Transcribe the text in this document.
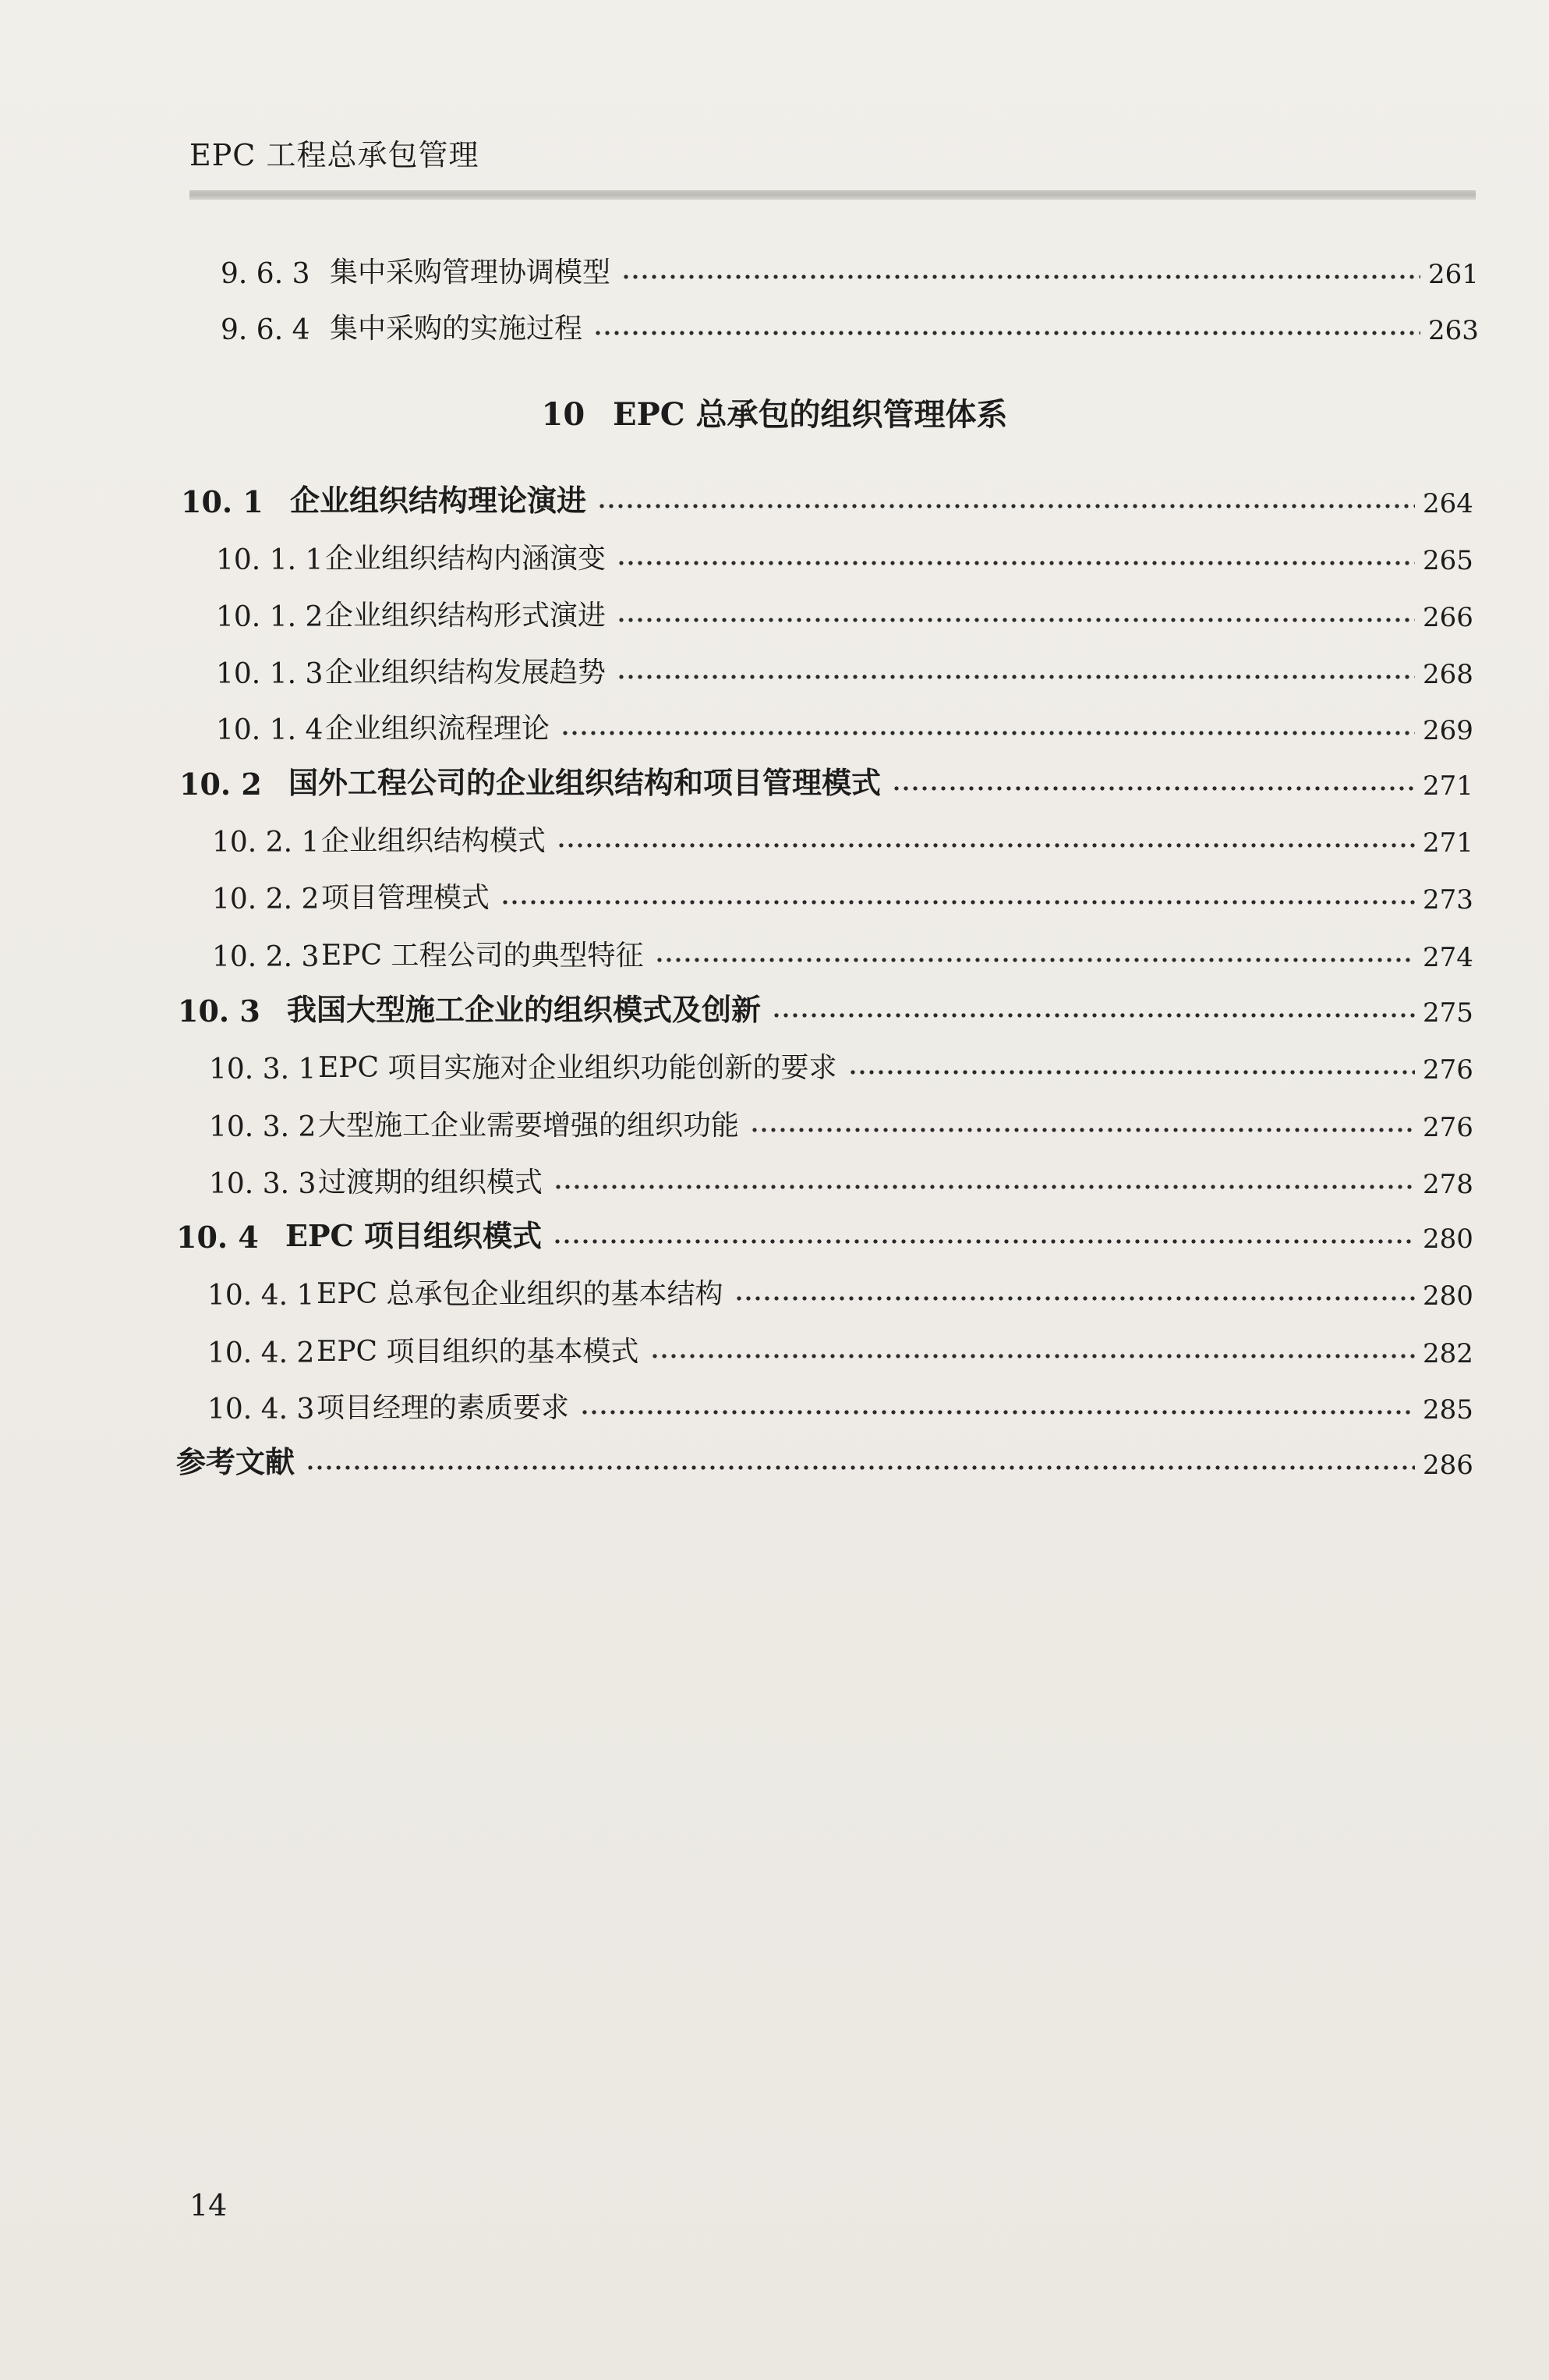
EPC 工程总承包管理
10 EPC 总承包的组织管理体系
9. 6. 3 集中采购管理协调模型	261
9. 6. 4 集中采购的实施过程	263
10. 1 企业组织结构理论演进	264
10. 1. 1 企业组织结构内涵演变	265
10. 1. 2 企业组织结构形式演进	266
10. 1. 3 企业组织结构发展趋势	268
10. 1. 4 企业组织流程理论	269
10. 2 国外工程公司的企业组织结构和项目管理模式	271
10. 2. 1 企业组织结构模式	271
10. 2. 2 项目管理模式	273
10. 2. 3 EPC 工程公司的典型特征	274
10. 3 我国大型施工企业的组织模式及创新	275
10. 3. 1 EPC 项目实施对企业组织功能创新的要求	276
10. 3. 2 大型施工企业需要增强的组织功能	276
10. 3. 3 过渡期的组织模式	278
10. 4 EPC 项目组织模式	280
10. 4. 1 EPC 总承包企业组织的基本结构	280
10. 4. 2 EPC 项目组织的基本模式	282
10. 4. 3 项目经理的素质要求	285
参考文献	286
14
